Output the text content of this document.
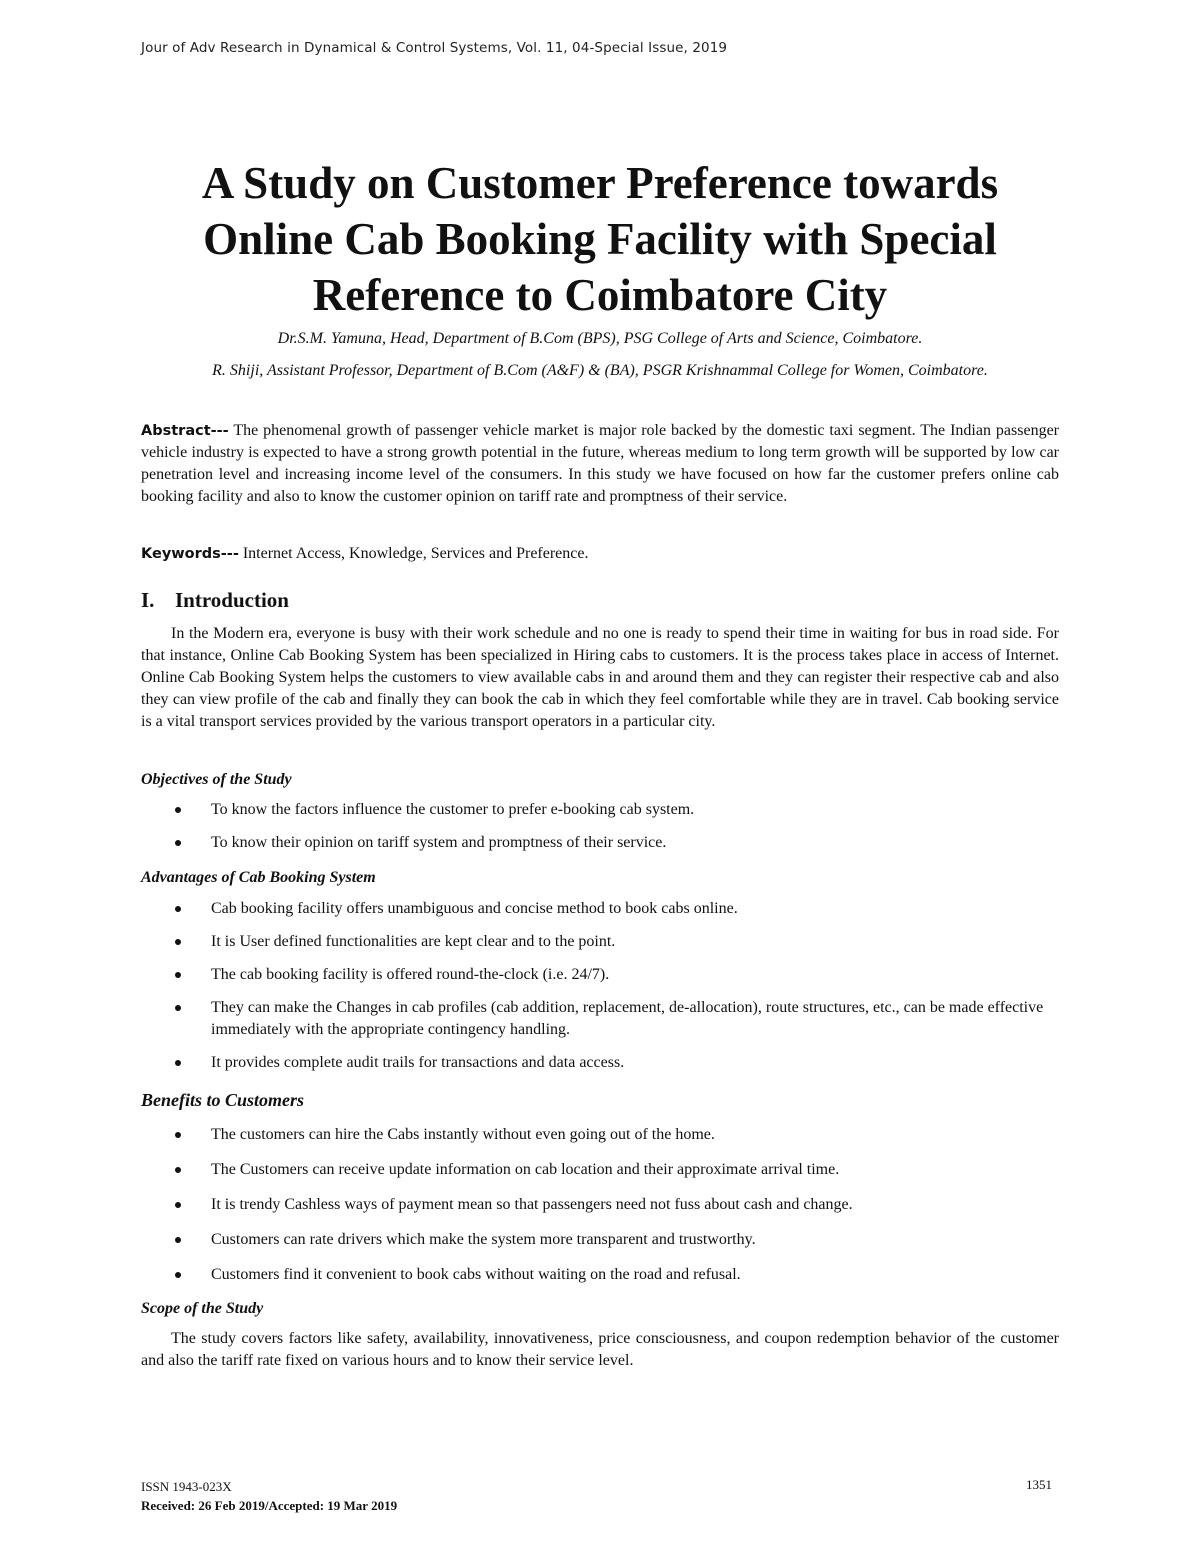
Jour of Adv Research in Dynamical & Control Systems, Vol. 11, 04-Special Issue, 2019
A Study on Customer Preference towards
Online Cab Booking Facility with Special
Reference to Coimbatore City

Dr.S.M. Yamuna, Head, Department of B.Com (BPS), PSG College of Arts and Science, Coimbatore.

R. Shiji, Assistant Professor, Department of B.Com (A&F) & (BA), PSGR Krishnammal College for Women, Coimbatore.

Abstract--- The phenomenal growth of passenger vehicle market is major role backed by the domestic taxi segment. The Indian passenger vehicle industry is expected to have a strong growth potential in the future, whereas medium to long term growth will be supported by low car penetration level and increasing income level of the consumers. In this study we have focused on how far the customer prefers online cab booking facility and also to know the customer opinion on tariff rate and promptness of their service.

Keywords--- Internet Access, Knowledge, Services and Preference.

I. Introduction

In the Modern era, everyone is busy with their work schedule and no one is ready to spend their time in waiting for bus in road side. For that instance, Online Cab Booking System has been specialized in Hiring cabs to customers. It is the process takes place in access of Internet. Online Cab Booking System helps the customers to view available cabs in and around them and they can register their respective cab and also they can view profile of the cab and finally they can book the cab in which they feel comfortable while they are in travel. Cab booking service is a vital transport services provided by the various transport operators in a particular city.

Objectives of the Study
To know the factors influence the customer to prefer e-booking cab system.
To know their opinion on tariff system and promptness of their service.
Advantages of Cab Booking System
Cab booking facility offers unambiguous and concise method to book cabs online.
It is User defined functionalities are kept clear and to the point.
The cab booking facility is offered round-the-clock (i.e. 24/7).
They can make the Changes in cab profiles (cab addition, replacement, de-allocation), route structures, etc., can be made effective immediately with the appropriate contingency handling.
It provides complete audit trails for transactions and data access.
Benefits to Customers
The customers can hire the Cabs instantly without even going out of the home.
The Customers can receive update information on cab location and their approximate arrival time.
It is trendy Cashless ways of payment mean so that passengers need not fuss about cash and change.
Customers can rate drivers which make the system more transparent and trustworthy.
Customers find it convenient to book cabs without waiting on the road and refusal.
Scope of the Study

The study covers factors like safety, availability, innovativeness, price consciousness, and coupon redemption behavior of the customer and also the tariff rate fixed on various hours and to know their service level.

ISSN 1943-023X
Received: 26 Feb 2019/Accepted: 19 Mar 2019
1351
